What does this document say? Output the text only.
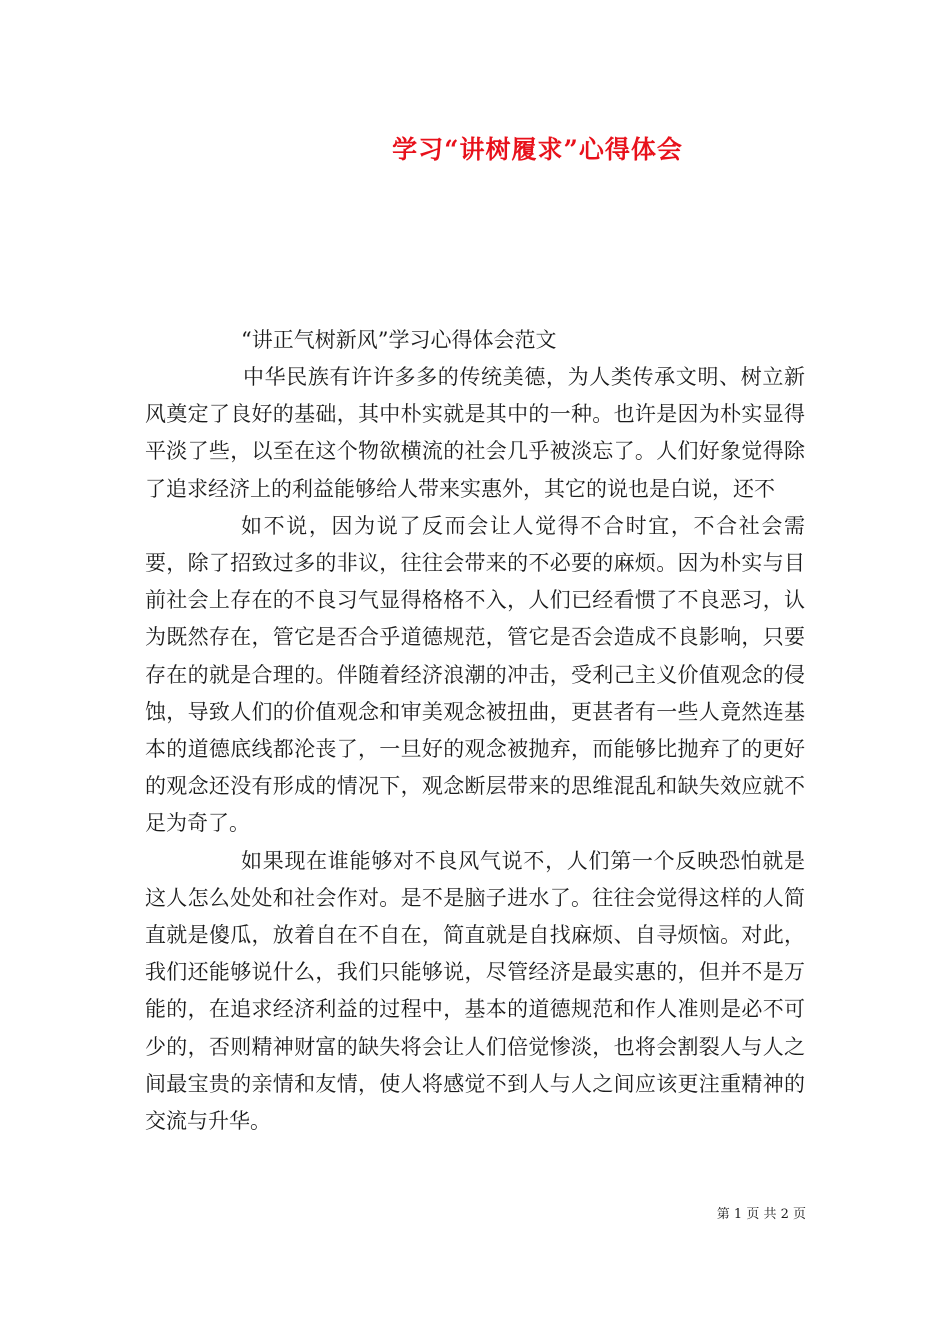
学习“讲树履求”心得体会
“讲正气树新风”学习心得体会范文

中华民族有许许多多的传统美德，为人类传承文明、树立新风奠定了良好的基础，其中朴实就是其中的一种。也许是因为朴实显得平淡了些，以至在这个物欲横流的社会几乎被淡忘了。人们好象觉得除了追求经济上的利益能够给人带来实惠外，其它的说也是白说，还不

如不说，因为说了反而会让人觉得不合时宜，不合社会需要，除了招致过多的非议，往往会带来的不必要的麻烦。因为朴实与目前社会上存在的不良习气显得格格不入，人们已经看惯了不良恶习，认为既然存在，管它是否合乎道德规范，管它是否会造成不良影响，只要存在的就是合理的。伴随着经济浪潮的冲击，受利己主义价值观念的侵蚀，导致人们的价值观念和审美观念被扭曲，更甚者有一些人竟然连基本的道德底线都沦丧了，一旦好的观念被抛弃，而能够比抛弃了的更好的观念还没有形成的情况下，观念断层带来的思维混乱和缺失效应就不足为奇了。

如果现在谁能够对不良风气说不，人们第一个反映恐怕就是这人怎么处处和社会作对。是不是脑子进水了。往往会觉得这样的人简直就是傻瓜，放着自在不自在，简直就是自找麻烦、自寻烦恼。对此，我们还能够说什么，我们只能够说，尽管经济是最实惠的，但并不是万能的，在追求经济利益的过程中，基本的道德规范和作人准则是必不可少的，否则精神财富的缺失将会让人们倍觉惨淡，也将会割裂人与人之间最宝贵的亲情和友情，使人将感觉不到人与人之间应该更注重精神的交流与升华。

第 1 页 共 2 页
